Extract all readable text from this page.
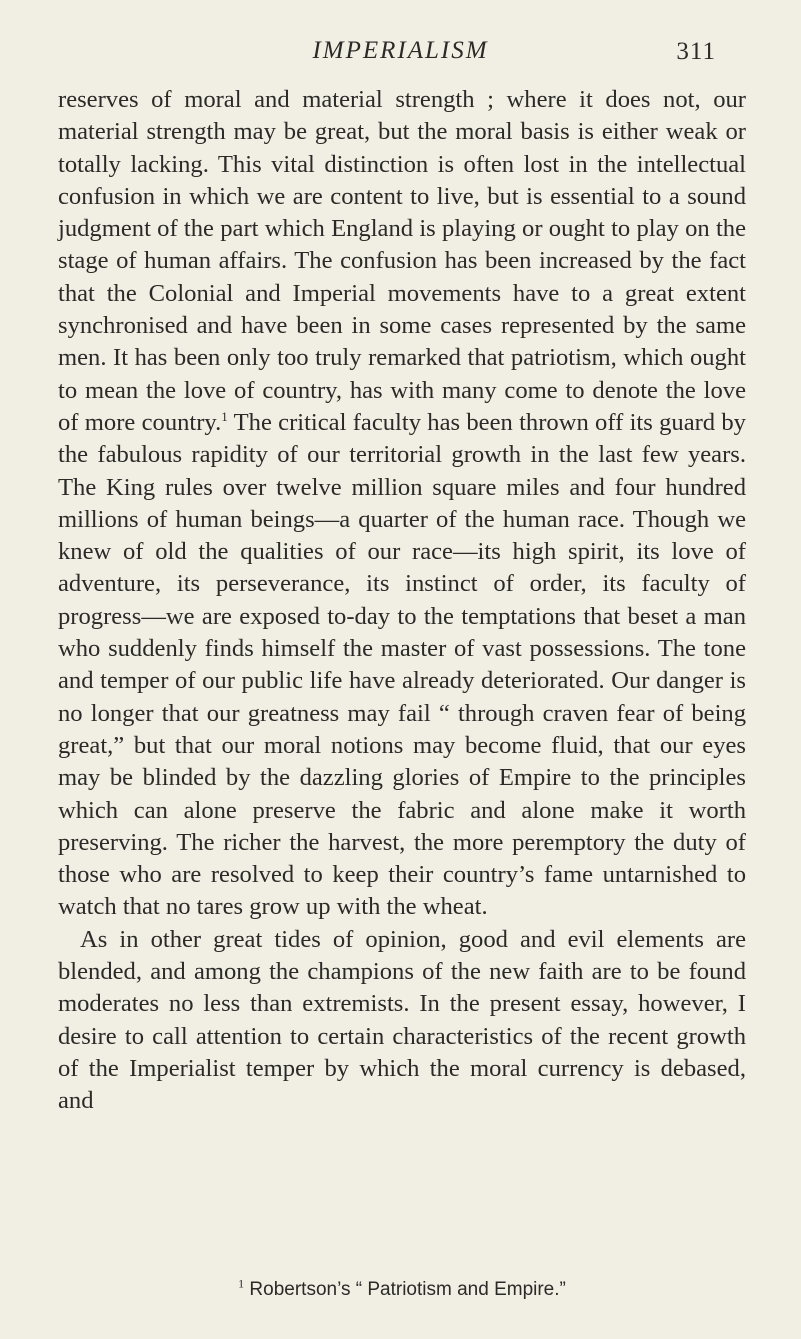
IMPERIALISM	311

reserves of moral and material strength ; where it does not, our material strength may be great, but the moral basis is either weak or totally lacking. This vital distinction is often lost in the intellectual confusion in which we are content to live, but is essential to a sound judgment of the part which England is playing or ought to play on the stage of human affairs. The confusion has been increased by the fact that the Colonial and Imperial movements have to a great extent synchronised and have been in some cases represented by the same men. It has been only too truly remarked that patriotism, which ought to mean the love of country, has with many come to denote the love of more country.$^1$ The critical faculty has been thrown off its guard by the fabulous rapidity of our territorial growth in the last few years. The King rules over twelve million square miles and four hundred millions of human beings—a quarter of the human race. Though we knew of old the qualities of our race—its high spirit, its love of adventure, its perseverance, its instinct of order, its faculty of progress—we are exposed to-day to the temptations that beset a man who suddenly finds himself the master of vast possessions. The tone and temper of our public life have already deteriorated. Our danger is no longer that our greatness may fail “ through craven fear of being great,” but that our moral notions may become fluid, that our eyes may be blinded by the dazzling glories of Empire to the principles which can alone preserve the fabric and alone make it worth preserving. The richer the harvest, the more peremptory the duty of those who are resolved to keep their country’s fame untarnished to watch that no tares grow up with the wheat.

As in other great tides of opinion, good and evil elements are blended, and among the champions of the new faith are to be found moderates no less than extremists. In the present essay, however, I desire to call attention to certain characteristics of the recent growth of the Imperialist temper by which the moral currency is debased, and

$^1$ Robertson’s “ Patriotism and Empire.”
